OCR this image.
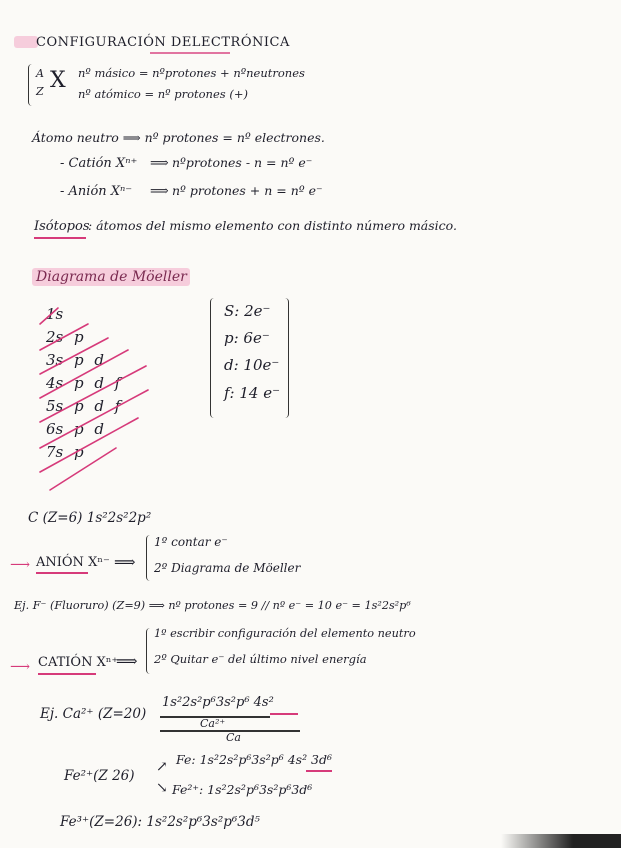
CONFIGURACIÓN DELECTRÓNICA
A
Z X nº másico = nºprotones + nºneutrones
nº atómico = nº protones (+)
Átomo neutro ⟹ nº protones = nº electrones.
- Catión Xⁿ⁺ ⟹ nºprotones - n = nº e⁻
- Anión Xⁿ⁻ ⟹ nº protones + n = nº e⁻
Isótopos
: átomos del mismo elemento con distinto número másico.
Diagrama de Möeller
1s
2s p
3s p d
4s p d f
5s p d f
6s p d
7s p
S: 2e⁻
p: 6e⁻
d: 10e⁻
f: 14 e⁻
C (Z=6) 1s²2s²2p²
⟶ ANIÓN Xⁿ⁻ ⟹
1º contar e⁻
2º Diagrama de Möeller
Ej. F⁻ (Fluoruro) (Z=9) ⟹ nº protones = 9 // nº e⁻ = 10 e⁻ = 1s²2s²p⁶
⟶ CATIÓN Xⁿ⁺
⟹
1º escribir configuración del elemento neutro
2º Quitar e⁻ del último nivel energía
Ej. Ca²⁺ (Z=20)
1s²2s²p⁶3s²p⁶ 4s²
Ca²⁺
Ca
Fe²⁺(Z 26)
↗
↘
Fe: 1s²2s²p⁶3s²p⁶ 4s² 3d⁶
Fe²⁺: 1s²2s²p⁶3s²p⁶3d⁶
Fe³⁺(Z=26): 1s²2s²p⁶3s²p⁶3d⁵
